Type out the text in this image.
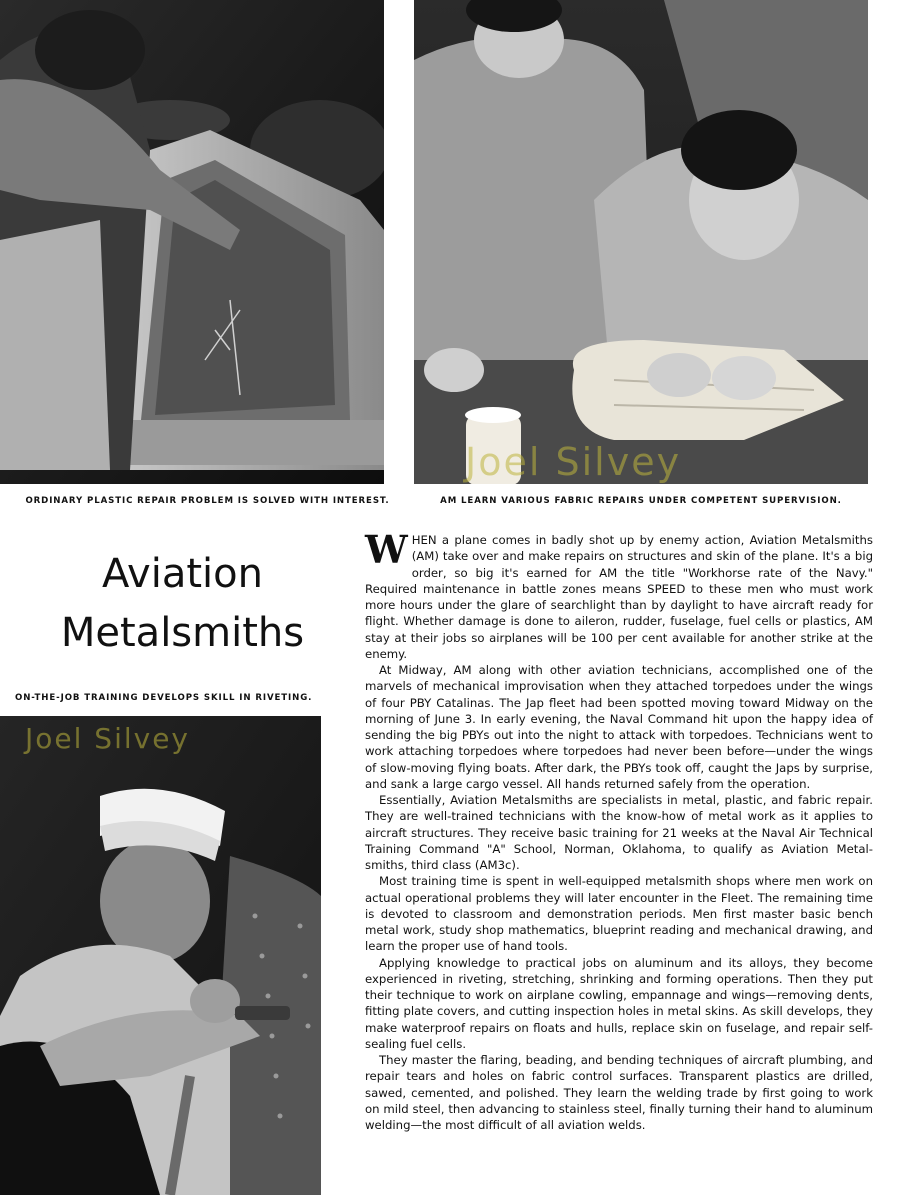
Joel Silvey
ORDINARY PLASTIC REPAIR PROBLEM IS SOLVED WITH INTEREST.	AM LEARN VARIOUS FABRIC REPAIRS UNDER COMPETENT SUPERVISION.
Aviation
Metalsmiths
ON-THE-JOB TRAINING DEVELOPS SKILL IN RIVETING.
Joel Silvey

WHEN a plane comes in badly shot up by enemy action, Aviation Metalsmiths (AM) take over and make repairs on structures and skin of the plane. It's a big order, so big it's earned for AM the title "Workhorse rate of the Navy." Required maintenance in battle zones means SPEED to these men who must work more hours under the glare of searchlight than by daylight to have aircraft ready for flight. Whether damage is done to aileron, rudder, fuselage, fuel cells or plastics, AM stay at their jobs so airplanes will be 100 per cent available for another strike at the enemy.

At Midway, AM along with other aviation technicians, accomplished one of the marvels of mechanical improvisation when they attached torpedoes under the wings of four PBY Catalinas. The Jap fleet had been spotted moving toward Midway on the morning of June 3. In early evening, the Naval Command hit upon the happy idea of sending the big PBYs out into the night to attack with torpedoes. Technicians went to work attaching torpedoes where torpedoes had never been before—under the wings of slow-moving flying boats. After dark, the PBYs took off, caught the Japs by surprise, and sank a large cargo vessel. All hands returned safely from the operation.

Essentially, Aviation Metalsmiths are specialists in metal, plastic, and fabric repair. They are well-trained technicians with the know-how of metal work as it applies to aircraft structures. They receive basic training for 21 weeks at the Naval Air Technical Training Command "A" School, Norman, Oklahoma, to qualify as Aviation Metal-smiths, third class (AM3c).

Most training time is spent in well-equipped metalsmith shops where men work on actual operational problems they will later encounter in the Fleet. The remaining time is devoted to classroom and demonstration periods. Men first master basic bench metal work, study shop mathematics, blueprint reading and mechanical drawing, and learn the proper use of hand tools.

Applying knowledge to practical jobs on aluminum and its alloys, they become experienced in riveting, stretching, shrinking and forming operations. Then they put their technique to work on airplane cowling, empannage and wings—removing dents, fitting plate covers, and cutting inspection holes in metal skins. As skill develops, they make waterproof repairs on floats and hulls, replace skin on fuselage, and repair self-sealing fuel cells.

They master the flaring, beading, and bending techniques of aircraft plumbing, and repair tears and holes on fabric control surfaces. Transparent plastics are drilled, sawed, cemented, and polished. They learn the welding trade by first going to work on mild steel, then advancing to stainless steel, finally turning their hand to aluminum welding—the most difficult of all aviation welds.
